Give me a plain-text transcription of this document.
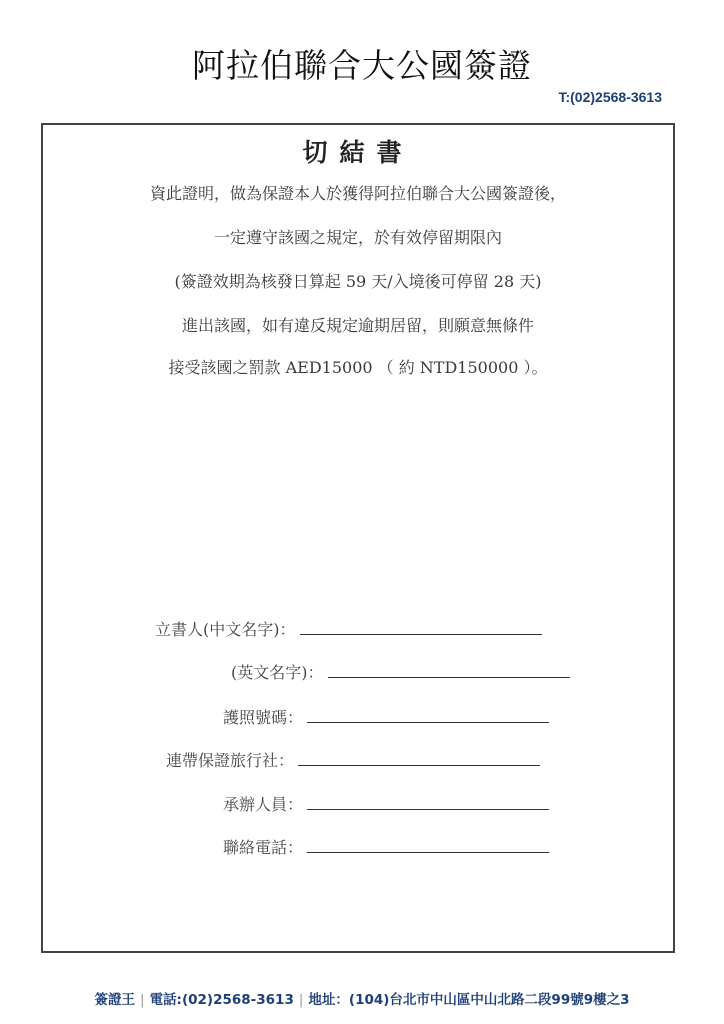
阿拉伯聯合大公國簽證
T:(02)2568-3613
切結書
資此證明，做為保證本人於獲得阿拉伯聯合大公國簽證後，
一定遵守該國之規定，於有效停留期限內
(簽證效期為核發日算起 59 天/入境後可停留 28 天)
進出該國，如有違反規定逾期居留，則願意無條件
接受該國之罰款 AED15000 （ 約 NTD150000 ）。
立書人(中文名字)：
(英文名字)：
護照號碼：
連帶保證旅行社：
承辦人員：
聯絡電話：
簽證王 | 電話:(02)2568-3613 | 地址：(104)台北市中山區中山北路二段99號9樓之3
